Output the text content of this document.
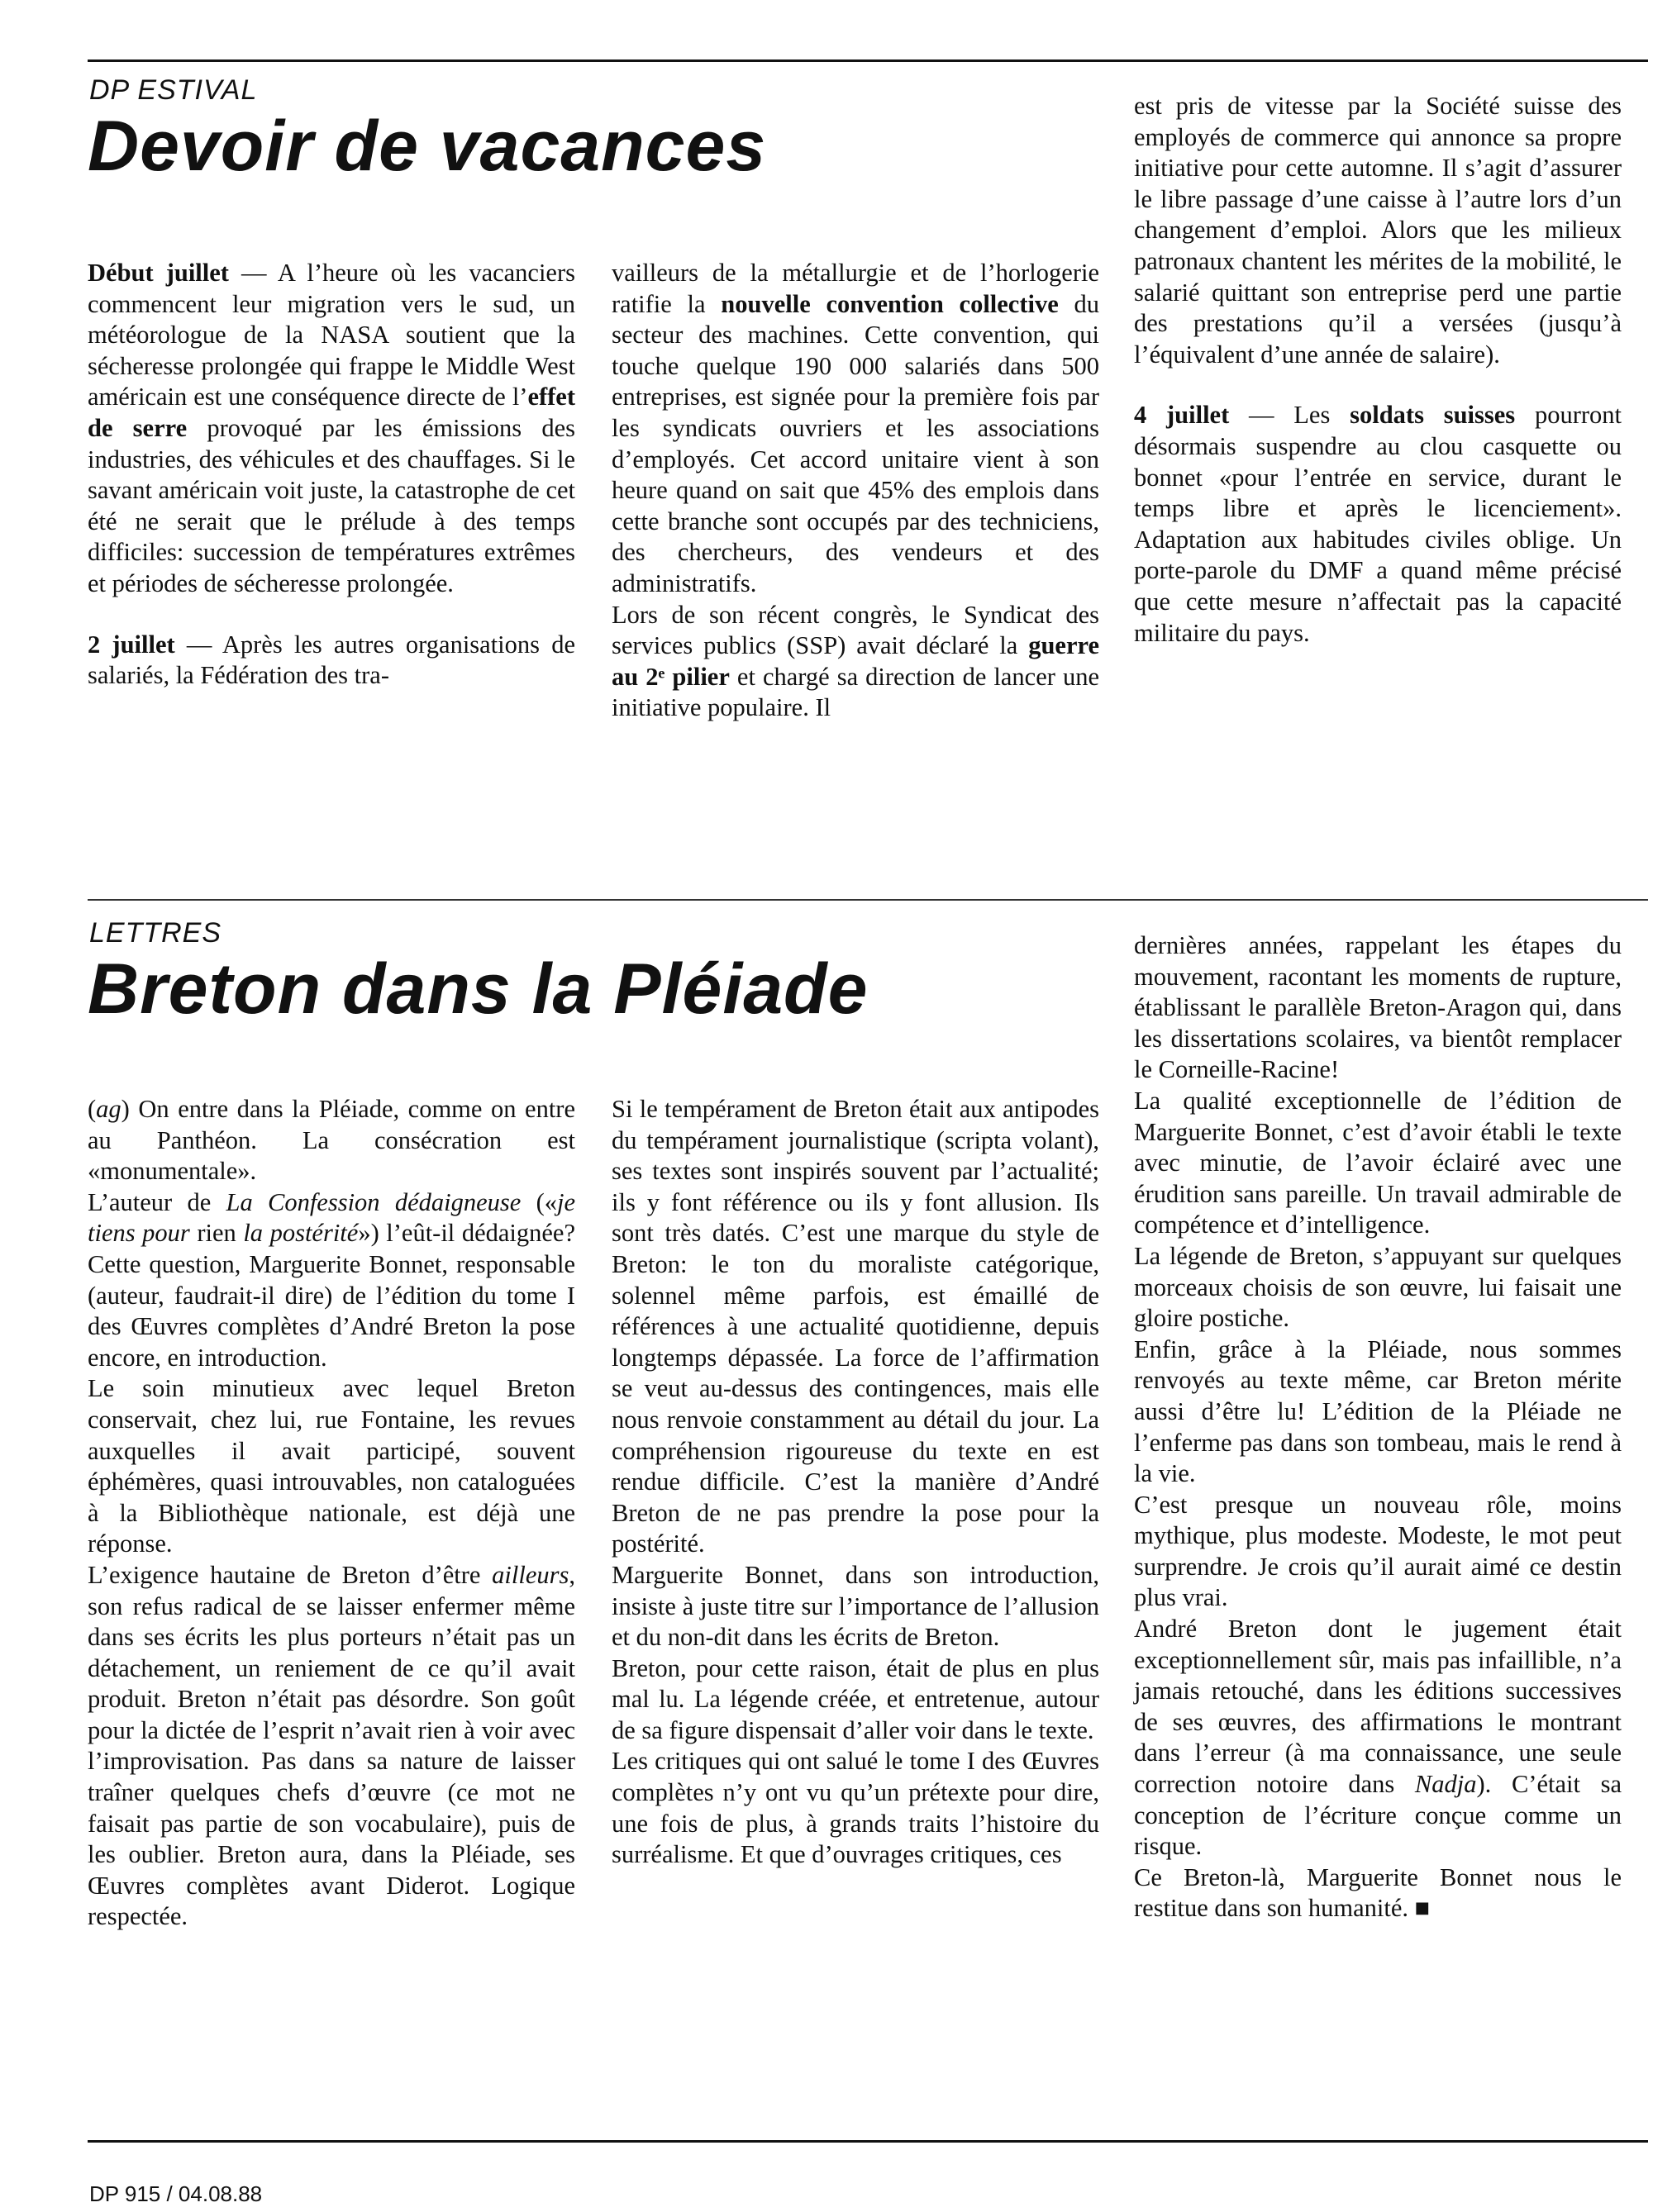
DP ESTIVAL
Devoir de vacances

Début juillet — A l’heure où les vacanciers commencent leur migration vers le sud, un météorologue de la NASA soutient que la sécheresse prolongée qui frappe le Middle West américain est une conséquence directe de l’effet de serre provoqué par les émissions des industries, des véhicules et des chauffages. Si le savant américain voit juste, la catastrophe de cet été ne serait que le prélude à des temps difficiles: succession de températures extrêmes et périodes de sécheresse prolongée.

2 juillet — Après les autres organisations de salariés, la Fédération des tra-

vailleurs de la métallurgie et de l’horlogerie ratifie la nouvelle convention collective du secteur des machines. Cette convention, qui touche quelque 190 000 salariés dans 500 entreprises, est signée pour la première fois par les syndicats ouvriers et les associations d’employés. Cet accord unitaire vient à son heure quand on sait que 45% des emplois dans cette branche sont occupés par des techniciens, des chercheurs, des vendeurs et des administratifs.

Lors de son récent congrès, le Syndicat des services publics (SSP) avait déclaré la guerre au 2ᵉ pilier et chargé sa direction de lancer une initiative populaire. Il

est pris de vitesse par la Société suisse des employés de commerce qui annonce sa propre initiative pour cette automne. Il s’agit d’assurer le libre passage d’une caisse à l’autre lors d’un changement d’emploi. Alors que les milieux patronaux chantent les mérites de la mobilité, le salarié quittant son entreprise perd une partie des prestations qu’il a versées (jusqu’à l’équivalent d’une année de salaire).

4 juillet — Les soldats suisses pourront désormais suspendre au clou casquette ou bonnet «pour l’entrée en service, durant le temps libre et après le licenciement». Adaptation aux habitudes civiles oblige. Un porte-parole du DMF a quand même précisé que cette mesure n’affectait pas la capacité militaire du pays.

LETTRES
Breton dans la Pléiade

(ag) On entre dans la Pléiade, comme on entre au Panthéon. La consécration est «monumentale».

L’auteur de La Confession dédaigneuse («je tiens pour rien la postérité») l’eût-il dédaignée? Cette question, Marguerite Bonnet, responsable (auteur, faudrait-il dire) de l’édition du tome I des Œuvres complètes d’André Breton la pose encore, en introduction.

Le soin minutieux avec lequel Breton conservait, chez lui, rue Fontaine, les revues auxquelles il avait participé, souvent éphémères, quasi introuvables, non cataloguées à la Bibliothèque nationale, est déjà une réponse.

L’exigence hautaine de Breton d’être ailleurs, son refus radical de se laisser enfermer même dans ses écrits les plus porteurs n’était pas un détachement, un reniement de ce qu’il avait produit. Breton n’était pas désordre. Son goût pour la dictée de l’esprit n’avait rien à voir avec l’improvisation. Pas dans sa nature de laisser traîner quelques chefs d’œuvre (ce mot ne faisait pas partie de son vocabulaire), puis de les oublier. Breton aura, dans la Pléiade, ses Œuvres complètes avant Diderot. Logique respectée.

Si le tempérament de Breton était aux antipodes du tempérament journalistique (scripta volant), ses textes sont inspirés souvent par l’actualité; ils y font référence ou ils y font allusion. Ils sont très datés. C’est une marque du style de Breton: le ton du moraliste catégorique, solennel même parfois, est émaillé de références à une actualité quotidienne, depuis longtemps dépassée. La force de l’affirmation se veut au-dessus des contingences, mais elle nous renvoie constamment au détail du jour. La compréhension rigoureuse du texte en est rendue difficile. C’est la manière d’André Breton de ne pas prendre la pose pour la postérité.

Marguerite Bonnet, dans son introduction, insiste à juste titre sur l’importance de l’allusion et du non-dit dans les écrits de Breton.

Breton, pour cette raison, était de plus en plus mal lu. La légende créée, et entretenue, autour de sa figure dispensait d’aller voir dans le texte.

Les critiques qui ont salué le tome I des Œuvres complètes n’y ont vu qu’un prétexte pour dire, une fois de plus, à grands traits l’histoire du surréalisme. Et que d’ouvrages critiques, ces

dernières années, rappelant les étapes du mouvement, racontant les moments de rupture, établissant le parallèle Breton-Aragon qui, dans les dissertations scolaires, va bientôt remplacer le Corneille-Racine!

La qualité exceptionnelle de l’édition de Marguerite Bonnet, c’est d’avoir établi le texte avec minutie, de l’avoir éclairé avec une érudition sans pareille. Un travail admirable de compétence et d’intelligence.

La légende de Breton, s’appuyant sur quelques morceaux choisis de son œuvre, lui faisait une gloire postiche.

Enfin, grâce à la Pléiade, nous sommes renvoyés au texte même, car Breton mérite aussi d’être lu! L’édition de la Pléiade ne l’enferme pas dans son tombeau, mais le rend à la vie.

C’est presque un nouveau rôle, moins mythique, plus modeste. Modeste, le mot peut surprendre. Je crois qu’il aurait aimé ce destin plus vrai.

André Breton dont le jugement était exceptionnellement sûr, mais pas infaillible, n’a jamais retouché, dans les éditions successives de ses œuvres, des affirmations le montrant dans l’erreur (à ma connaissance, une seule correction notoire dans Nadja). C’était sa conception de l’écriture conçue comme un risque.

Ce Breton-là, Marguerite Bonnet nous le restitue dans son humanité. ■

DP 915 / 04.08.88
